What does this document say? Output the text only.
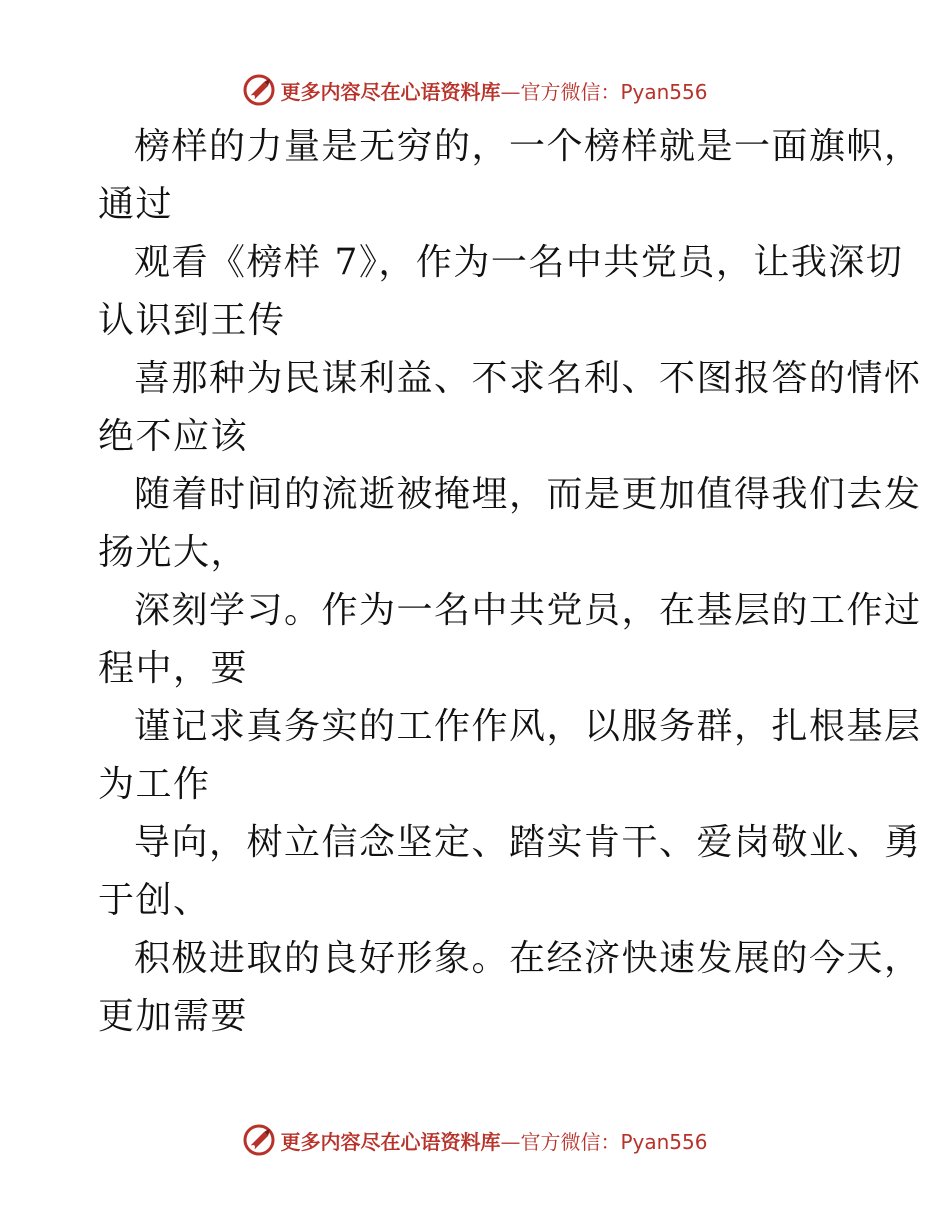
更多内容尽在心语资料库—官方微信：Pyan556
榜样的力量是无穷的，一个榜样就是一面旗帜，
通过
观看《榜样 7》，作为一名中共党员，让我深切
认识到王传
喜那种为民谋利益、不求名利、不图报答的情怀
绝不应该
随着时间的流逝被掩埋，而是更加值得我们去发
扬光大，
深刻学习。作为一名中共党员，在基层的工作过
程中，要
谨记求真务实的工作作风，以服务群，扎根基层
为工作
导向，树立信念坚定、踏实肯干、爱岗敬业、勇
于创、
积极进取的良好形象。在经济快速发展的今天，
更加需要
更多内容尽在心语资料库—官方微信：Pyan556
